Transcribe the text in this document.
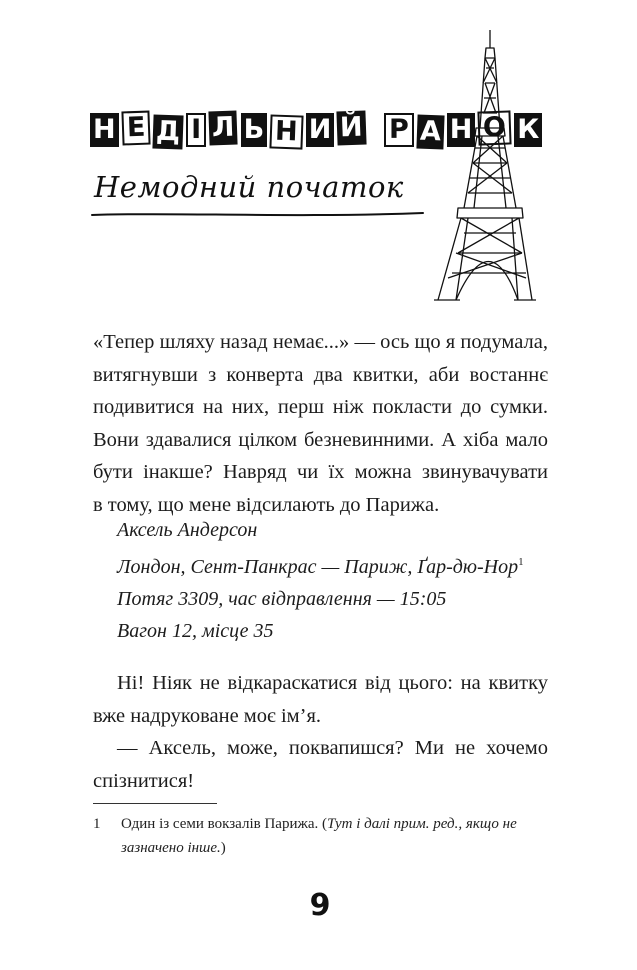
Н Е Д І Л Ь Н И Й Р А Н О К
Немодний початок
«Тепер шляху назад немає...» — ось що я подумала,
витягнувши з конверта два квитки, аби востаннє
подивитися на них, перш ніж покласти до сумки.
Вони здавалися цілком безневинними. А хіба мало
бути інакше? Навряд чи їх можна звинувачувати
в тому, що мене відсилають до Парижа.
Аксель Андерсон
Лондон, Сент-Панкрас — Париж, Ґар-дю-Нор$^1$
Потяг 3309, час відправлення — 15:05
Вагон 12, місце 35
Ні! Ніяк не відкараскатися від цього: на квитку
вже надруковане моє ім’я.
— Аксель, може, поквапишся? Ми не хочемо
спізнитися!
1 Один із семи вокзалів Парижа. (Тут і далі прим. ред., якщо не
зазначено інше.)
9
